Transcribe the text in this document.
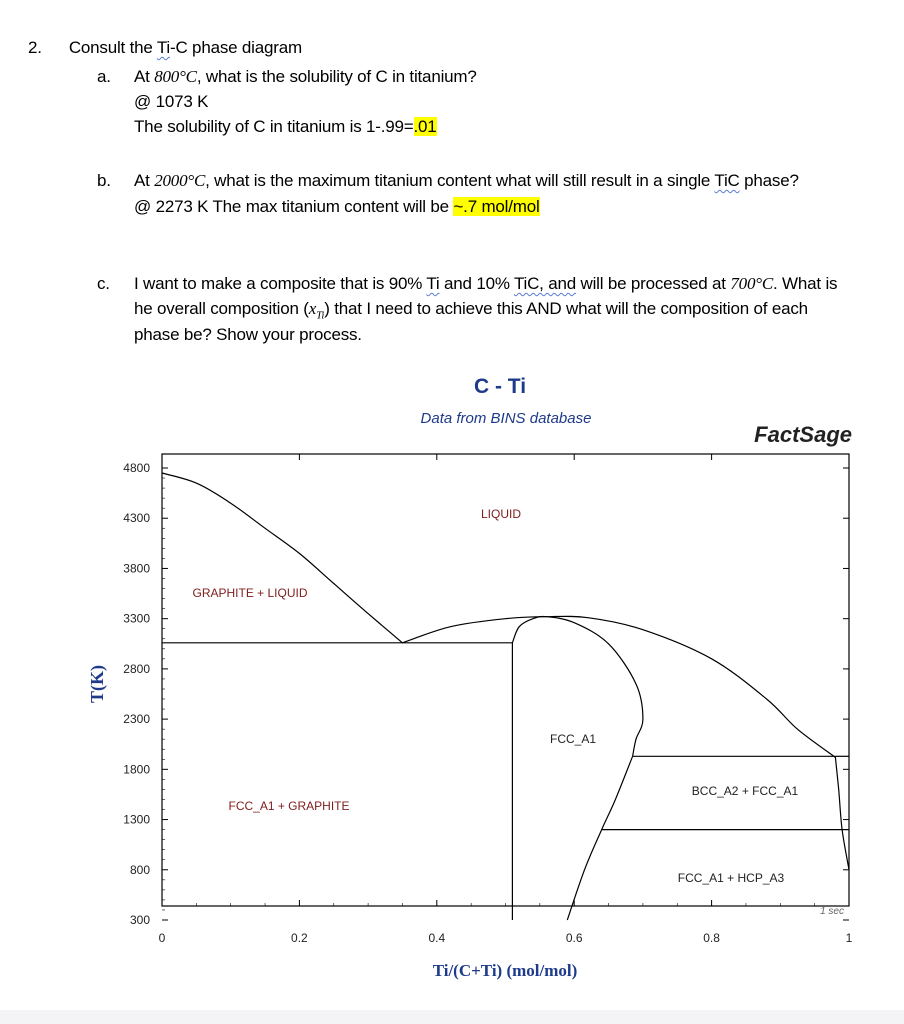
2. Consult the Ti-C phase diagram
a. At 800°C, what is the solubility of C in titanium?
@ 1073 K
The solubility of C in titanium is 1-.99=.01
b. At 2000°C, what is the maximum titanium content what will still result in a single TiC phase?
@ 2273 K The max titanium content will be ~.7 mol/mol
c. I want to make a composite that is 90% Ti and 10% TiC, and will be processed at 700°C. What is
he overall composition $(x_{Ti})$ that I need to achieve this AND what will the composition of each
phase be? Show your process.
C - Ti
Data from BINS database
FactSage
4800
4300
3800
3300
2800
2300
1800
1300
800
300
0	0.2	0.4	0.6	0.8	1
T(K)
Ti/(C+Ti) (mol/mol)
LIQUID
GRAPHITE + LIQUID
FCC_A1
FCC_A1 + GRAPHITE
BCC_A2 + FCC_A1
FCC_A1 + HCP_A3
1 sec
